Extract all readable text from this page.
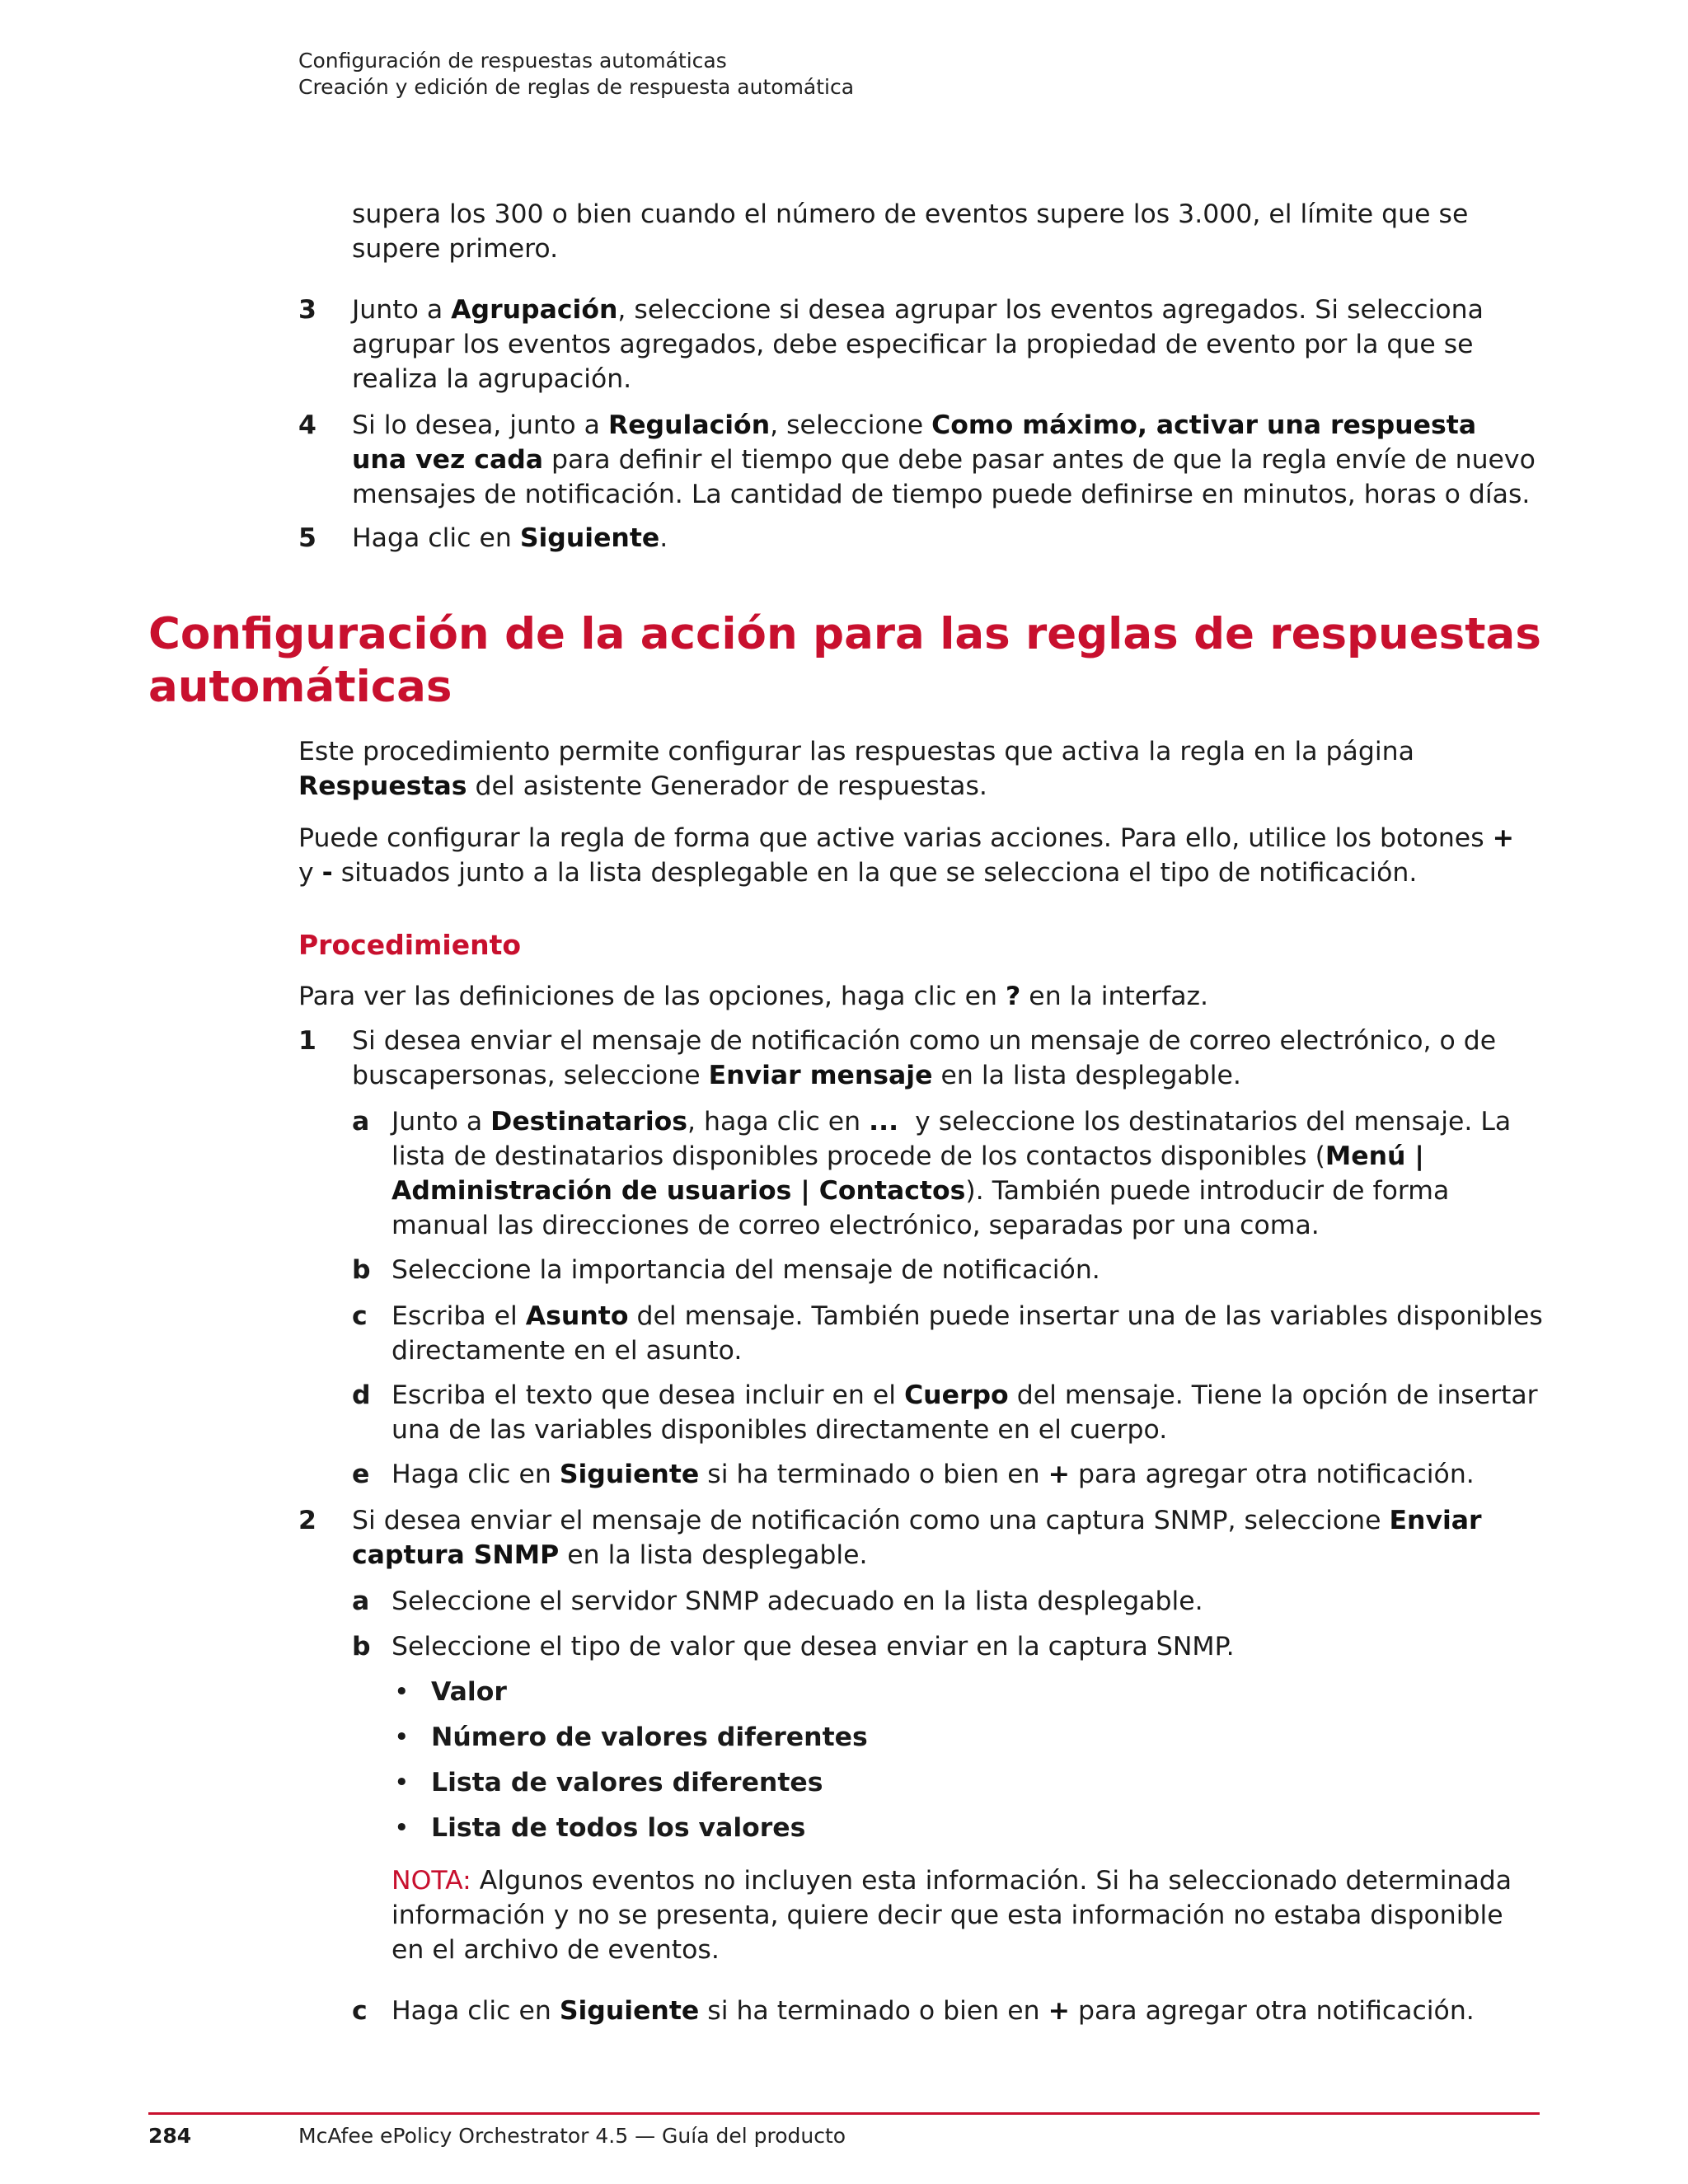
Configuración de respuestas automáticas
Creación y edición de reglas de respuesta automática
supera los 300 o bien cuando el número de eventos supere los 3.000, el límite que se
supere primero.
3 Junto a Agrupación, seleccione si desea agrupar los eventos agregados. Si selecciona
agrupar los eventos agregados, debe especificar la propiedad de evento por la que se
realiza la agrupación.
4 Si lo desea, junto a Regulación, seleccione Como máximo, activar una respuesta
una vez cada para definir el tiempo que debe pasar antes de que la regla envíe de nuevo
mensajes de notificación. La cantidad de tiempo puede definirse en minutos, horas o días.
5 Haga clic en Siguiente.
Configuración de la acción para las reglas de respuestas
automáticas
Este procedimiento permite configurar las respuestas que activa la regla en la página
Respuestas del asistente Generador de respuestas.
Puede configurar la regla de forma que active varias acciones. Para ello, utilice los botones +
y - situados junto a la lista desplegable en la que se selecciona el tipo de notificación.
Procedimiento
Para ver las definiciones de las opciones, haga clic en ? en la interfaz.
1 Si desea enviar el mensaje de notificación como un mensaje de correo electrónico, o de
buscapersonas, seleccione Enviar mensaje en la lista desplegable.
a Junto a Destinatarios, haga clic en ...  y seleccione los destinatarios del mensaje. La
lista de destinatarios disponibles procede de los contactos disponibles (Menú |
Administración de usuarios | Contactos). También puede introducir de forma
manual las direcciones de correo electrónico, separadas por una coma.
b Seleccione la importancia del mensaje de notificación.
c Escriba el Asunto del mensaje. También puede insertar una de las variables disponibles
directamente en el asunto.
d Escriba el texto que desea incluir en el Cuerpo del mensaje. Tiene la opción de insertar
una de las variables disponibles directamente en el cuerpo.
e Haga clic en Siguiente si ha terminado o bien en + para agregar otra notificación.
2 Si desea enviar el mensaje de notificación como una captura SNMP, seleccione Enviar
captura SNMP en la lista desplegable.
a Seleccione el servidor SNMP adecuado en la lista desplegable.
b Seleccione el tipo de valor que desea enviar en la captura SNMP.
• Valor
• Número de valores diferentes
• Lista de valores diferentes
• Lista de todos los valores
NOTA: Algunos eventos no incluyen esta información. Si ha seleccionado determinada
información y no se presenta, quiere decir que esta información no estaba disponible
en el archivo de eventos.
c Haga clic en Siguiente si ha terminado o bien en + para agregar otra notificación.
284	McAfee ePolicy Orchestrator 4.5 — Guía del producto
